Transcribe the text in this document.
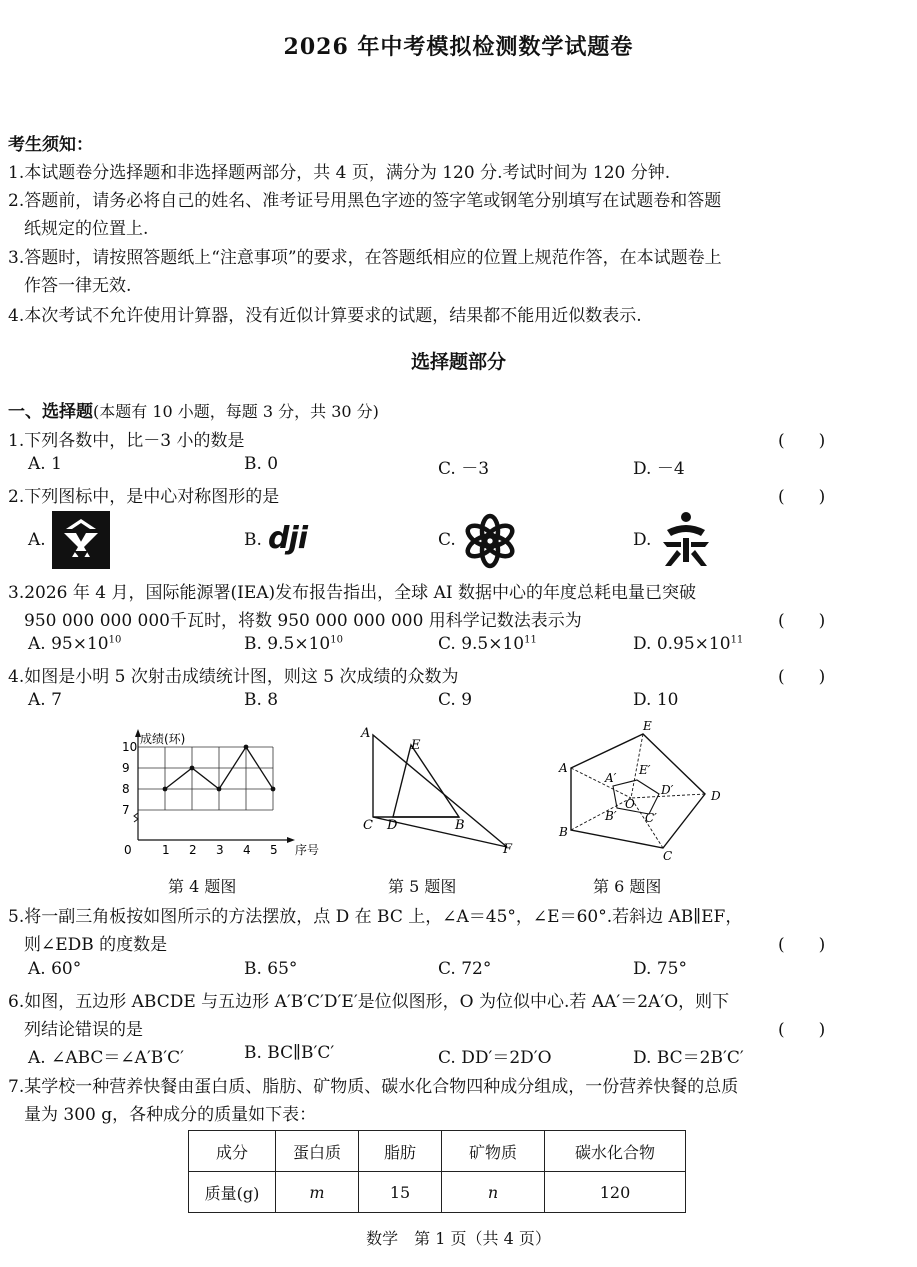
2026 年中考模拟检测数学试题卷
考生须知：
1.本试题卷分选择题和非选择题两部分，共 4 页，满分为 120 分.考试时间为 120 分钟.
2.答题前，请务必将自己的姓名、准考证号用黑色字迹的签字笔或钢笔分别填写在试题卷和答题
纸规定的位置上.
3.答题时，请按照答题纸上“注意事项”的要求，在答题纸相应的位置上规范作答，在本试题卷上
作答一律无效.
4.本次考试不允许使用计算器，没有近似计算要求的试题，结果都不能用近似数表示.
选择题部分
一、选择题(本题有 10 小题，每题 3 分，共 30 分)
1.下列各数中，比－3 小的数是	(　　)
A. 1	B. 0	C. －3	D. －4
2.下列图标中，是中心对称图形的是	(　　)
A.	B. dji	C.	D.
3.2026 年 4 月，国际能源署(IEA)发布报告指出，全球 AI 数据中心的年度总耗电量已突破
950 000 000 000千瓦时，将数 950 000 000 000 用科学记数法表示为	(　　)
A. $95\times 10^{10}$	B. $9.5\times 10^{10}$	C. $9.5\times 10^{11}$	D. $0.95\times 10^{11}$
4.如图是小明 5 次射击成绩统计图，则这 5 次成绩的众数为	(　　)
A. 7	B. 8	C. 9	D. 10
7
8
9
10
1 2 3 4 5
0
成绩(环)
序号
A
E
C D	B
F
E
A
D
B
C
A′
E′
D′
B′ C′
O
第 4 题图	第 5 题图	第 6 题图
5.将一副三角板按如图所示的方法摆放，点 D 在 BC 上，∠A＝45°，∠E＝60°.若斜边 AB∥EF，
则∠EDB 的度数是	(　　)
A. 60°	B. 65°	C. 72°	D. 75°
6.如图，五边形 ABCDE 与五边形 A′B′C′D′E′是位似图形，O 为位似中心.若 AA′＝2A′O，则下
列结论错误的是	(　　)
A. ∠ABC＝∠A′B′C′	B. BC∥B′C′	C. DD′＝2D′O	D. BC＝2B′C′
7.某学校一种营养快餐由蛋白质、脂肪、矿物质、碳水化合物四种成分组成，一份营养快餐的总质
量为 300 g，各种成分的质量如下表：
成分	蛋白质	脂肪	矿物质	碳水化合物
质量(g)	m	15	n	120
数学　第 1 页（共 4 页）
